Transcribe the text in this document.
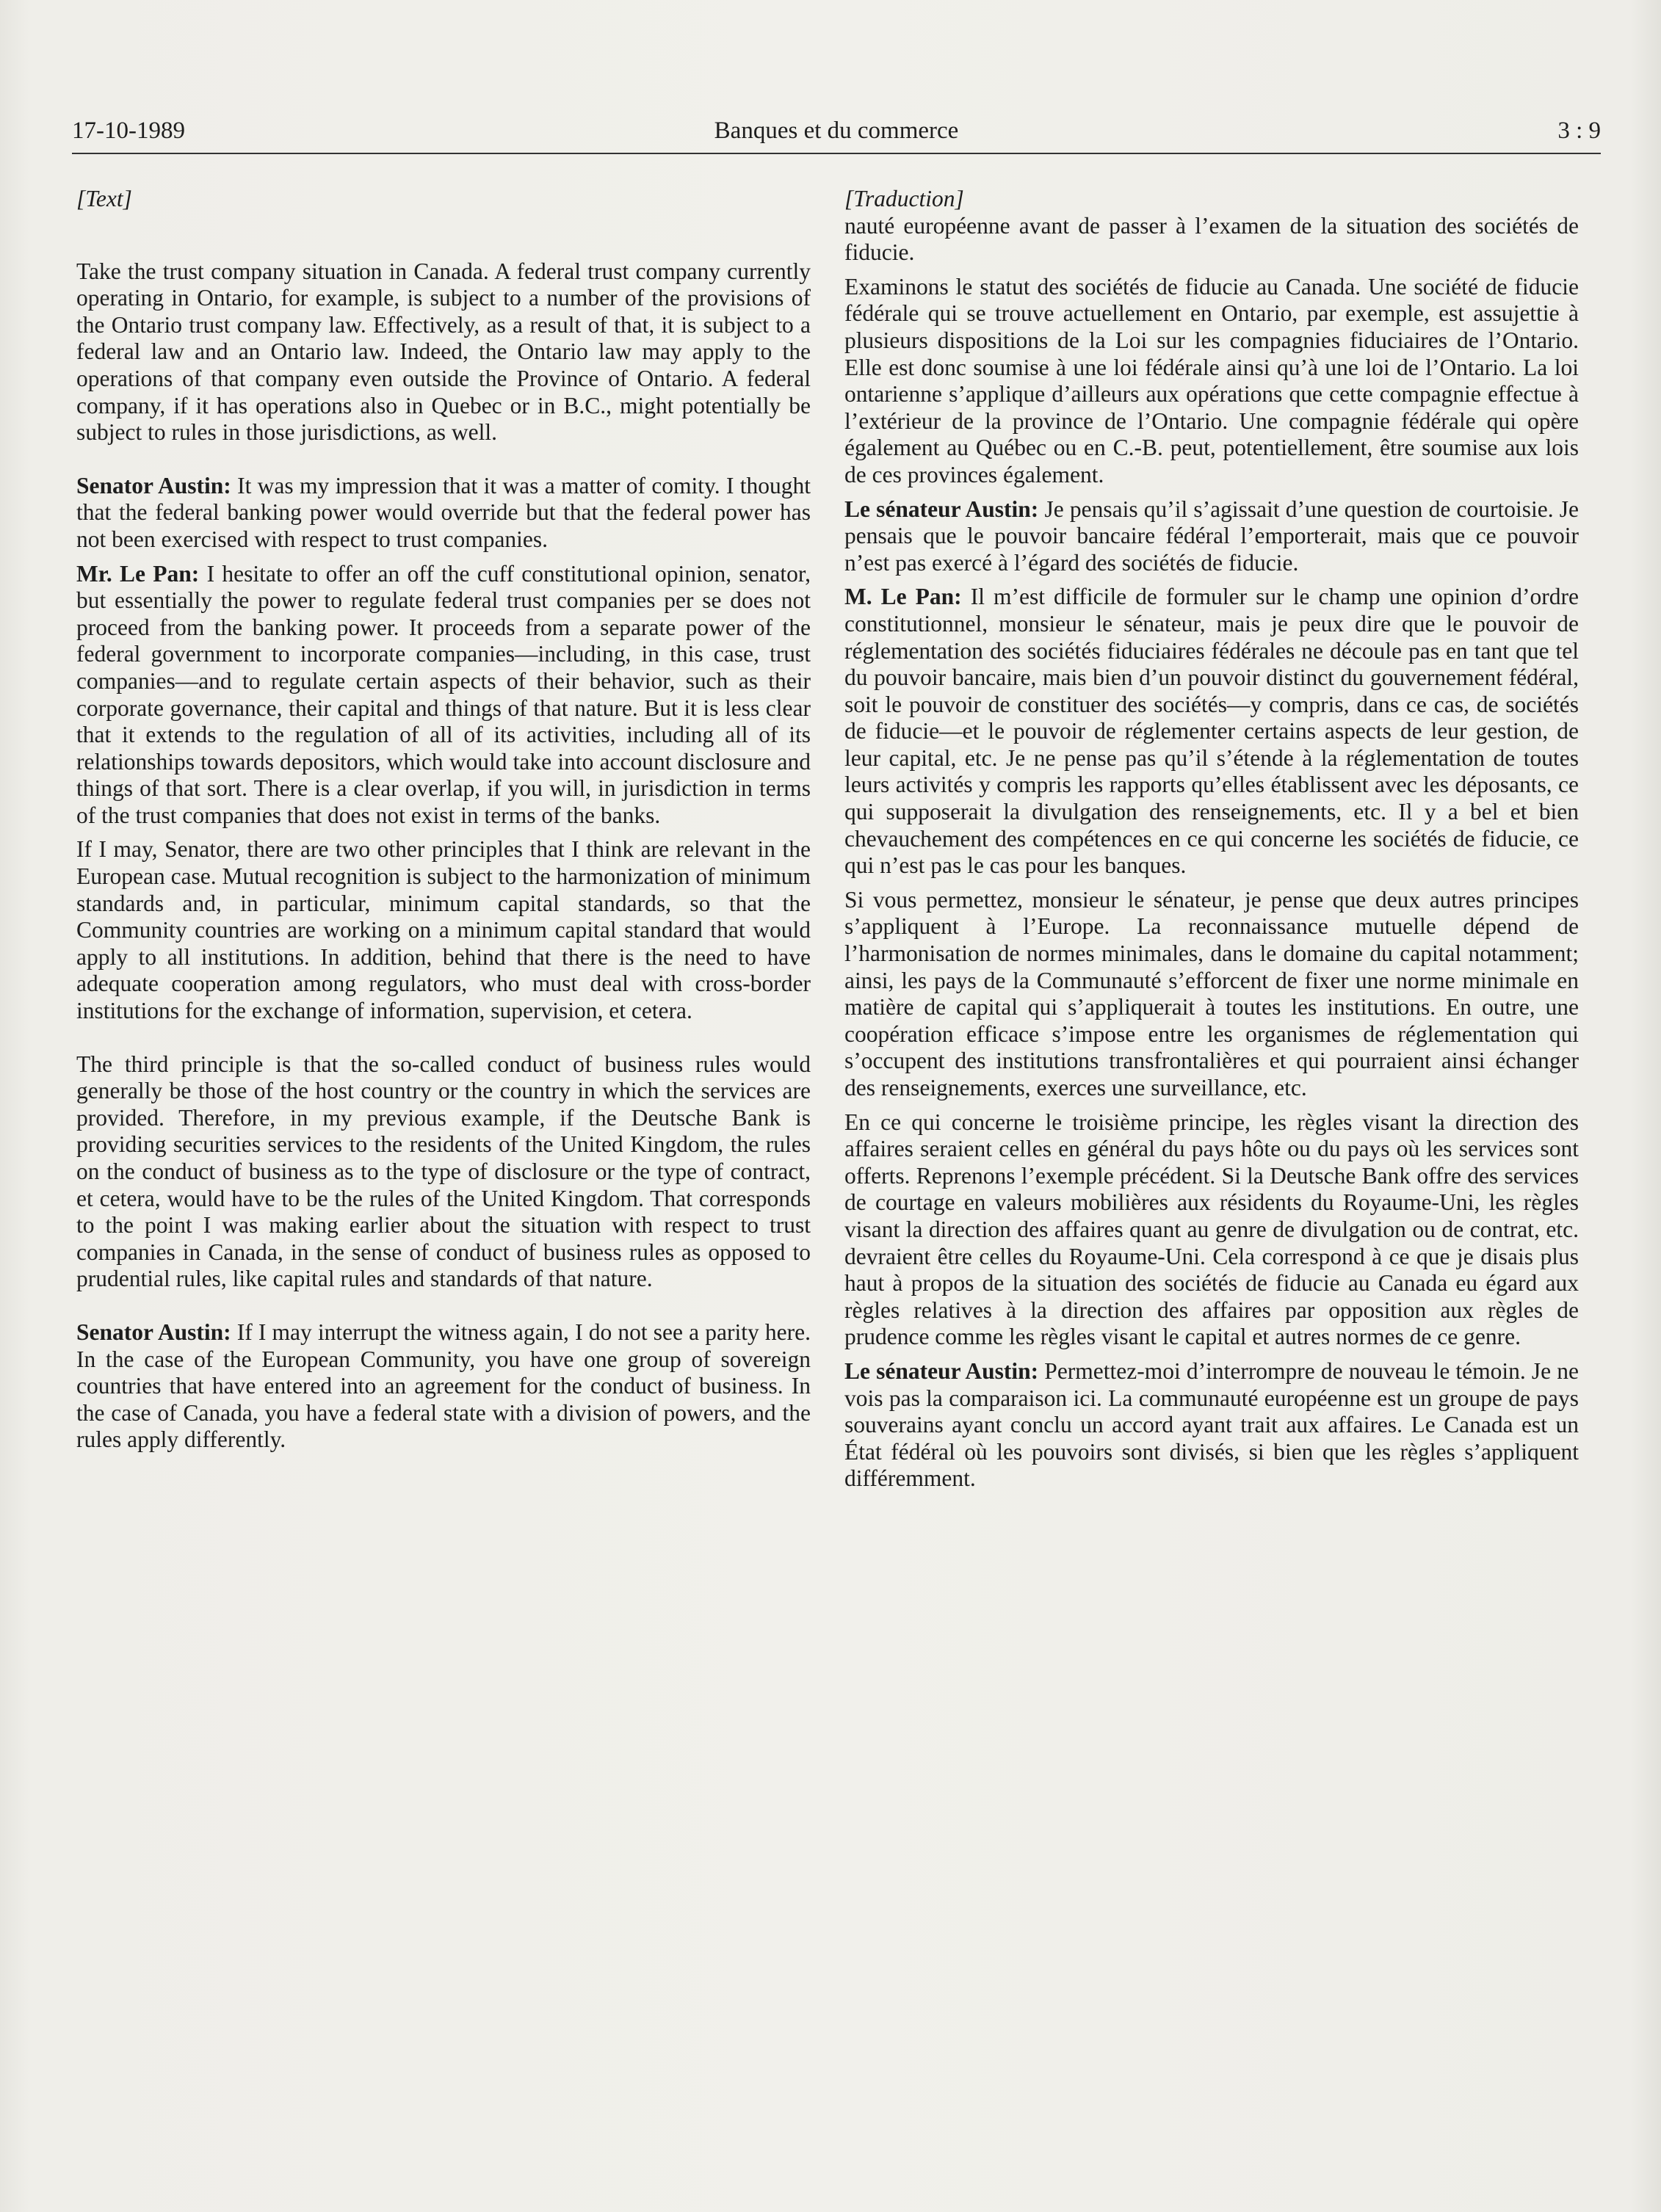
17-10-1989	Banques et du commerce	3 : 9

[Text]

Take the trust company situation in Canada. A federal trust company currently operating in Ontario, for example, is subject to a number of the provisions of the Ontario trust company law. Effectively, as a result of that, it is subject to a federal law and an Ontario law. Indeed, the Ontario law may apply to the operations of that company even outside the Province of Ontario. A federal company, if it has operations also in Quebec or in B.C., might potentially be subject to rules in those jurisdictions, as well.

Senator Austin: It was my impression that it was a matter of comity. I thought that the federal banking power would override but that the federal power has not been exercised with respect to trust companies.

Mr. Le Pan: I hesitate to offer an off the cuff constitutional opinion, senator, but essentially the power to regulate federal trust companies per se does not proceed from the banking power. It proceeds from a separate power of the federal government to incorporate companies—including, in this case, trust companies—and to regulate certain aspects of their behavior, such as their corporate governance, their capital and things of that nature. But it is less clear that it extends to the regulation of all of its activities, including all of its relationships towards depositors, which would take into account disclosure and things of that sort. There is a clear overlap, if you will, in jurisdiction in terms of the trust companies that does not exist in terms of the banks.

If I may, Senator, there are two other principles that I think are relevant in the European case. Mutual recognition is subject to the harmonization of minimum standards and, in particular, minimum capital standards, so that the Community countries are working on a minimum capital standard that would apply to all institutions. In addition, behind that there is the need to have adequate cooperation among regulators, who must deal with cross-border institutions for the exchange of information, supervision, et cetera.

The third principle is that the so-called conduct of business rules would generally be those of the host country or the country in which the services are provided. Therefore, in my previous example, if the Deutsche Bank is providing securities services to the residents of the United Kingdom, the rules on the conduct of business as to the type of disclosure or the type of contract, et cetera, would have to be the rules of the United Kingdom. That corresponds to the point I was making earlier about the situation with respect to trust companies in Canada, in the sense of conduct of business rules as opposed to prudential rules, like capital rules and standards of that nature.

Senator Austin: If I may interrupt the witness again, I do not see a parity here. In the case of the European Community, you have one group of sovereign countries that have entered into an agreement for the conduct of business. In the case of Canada, you have a federal state with a division of powers, and the rules apply differently.

[Traduction]

nauté européenne avant de passer à l’examen de la situation des sociétés de fiducie.

Examinons le statut des sociétés de fiducie au Canada. Une société de fiducie fédérale qui se trouve actuellement en Ontario, par exemple, est assujettie à plusieurs dispositions de la Loi sur les compagnies fiduciaires de l’Ontario. Elle est donc soumise à une loi fédérale ainsi qu’à une loi de l’Ontario. La loi ontarienne s’applique d’ailleurs aux opérations que cette compagnie effectue à l’extérieur de la province de l’Ontario. Une compagnie fédérale qui opère également au Québec ou en C.-B. peut, potentiellement, être soumise aux lois de ces provinces également.

Le sénateur Austin: Je pensais qu’il s’agissait d’une question de courtoisie. Je pensais que le pouvoir bancaire fédéral l’emporterait, mais que ce pouvoir n’est pas exercé à l’égard des sociétés de fiducie.

M. Le Pan: Il m’est difficile de formuler sur le champ une opinion d’ordre constitutionnel, monsieur le sénateur, mais je peux dire que le pouvoir de réglementation des sociétés fiduciaires fédérales ne découle pas en tant que tel du pouvoir bancaire, mais bien d’un pouvoir distinct du gouvernement fédéral, soit le pouvoir de constituer des sociétés—y compris, dans ce cas, de sociétés de fiducie—et le pouvoir de réglementer certains aspects de leur gestion, de leur capital, etc. Je ne pense pas qu’il s’étende à la réglementation de toutes leurs activités y compris les rapports qu’elles établissent avec les déposants, ce qui supposerait la divulgation des renseignements, etc. Il y a bel et bien chevauchement des compétences en ce qui concerne les sociétés de fiducie, ce qui n’est pas le cas pour les banques.

Si vous permettez, monsieur le sénateur, je pense que deux autres principes s’appliquent à l’Europe. La reconnaissance mutuelle dépend de l’harmonisation de normes minimales, dans le domaine du capital notamment; ainsi, les pays de la Communauté s’efforcent de fixer une norme minimale en matière de capital qui s’appliquerait à toutes les institutions. En outre, une coopération efficace s’impose entre les organismes de réglementation qui s’occupent des institutions transfrontalières et qui pourraient ainsi échanger des renseignements, exerces une surveillance, etc.

En ce qui concerne le troisième principe, les règles visant la direction des affaires seraient celles en général du pays hôte ou du pays où les services sont offerts. Reprenons l’exemple précédent. Si la Deutsche Bank offre des services de courtage en valeurs mobilières aux résidents du Royaume-Uni, les règles visant la direction des affaires quant au genre de divulgation ou de contrat, etc. devraient être celles du Royaume-Uni. Cela correspond à ce que je disais plus haut à propos de la situation des sociétés de fiducie au Canada eu égard aux règles relatives à la direction des affaires par opposition aux règles de prudence comme les règles visant le capital et autres normes de ce genre.

Le sénateur Austin: Permettez-moi d’interrompre de nouveau le témoin. Je ne vois pas la comparaison ici. La communauté européenne est un groupe de pays souverains ayant conclu un accord ayant trait aux affaires. Le Canada est un État fédéral où les pouvoirs sont divisés, si bien que les règles s’appliquent différemment.
